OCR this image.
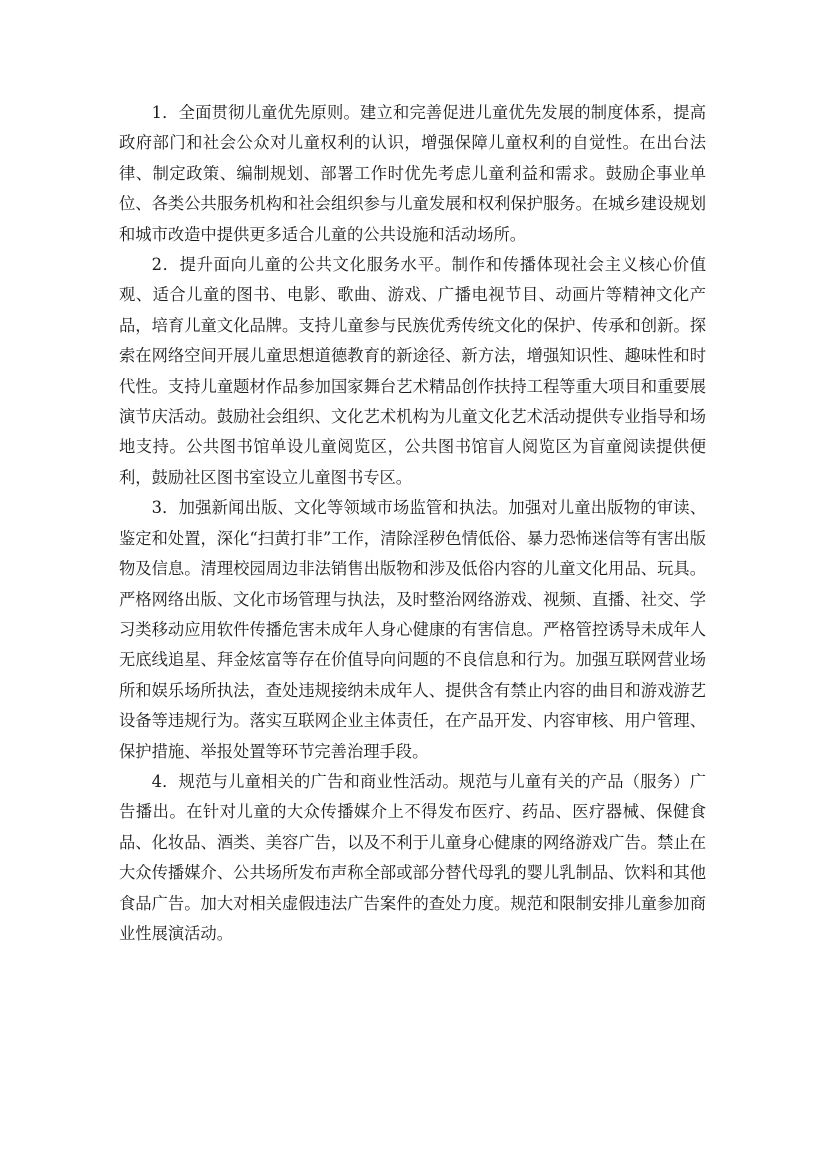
1．全面贯彻儿童优先原则。建立和完善促进儿童优先发展的制度体系，提高政府部门和社会公众对儿童权利的认识，增强保障儿童权利的自觉性。在出台法律、制定政策、编制规划、部署工作时优先考虑儿童利益和需求。鼓励企事业单位、各类公共服务机构和社会组织参与儿童发展和权利保护服务。在城乡建设规划和城市改造中提供更多适合儿童的公共设施和活动场所。

2．提升面向儿童的公共文化服务水平。制作和传播体现社会主义核心价值观、适合儿童的图书、电影、歌曲、游戏、广播电视节目、动画片等精神文化产品，培育儿童文化品牌。支持儿童参与民族优秀传统文化的保护、传承和创新。探索在网络空间开展儿童思想道德教育的新途径、新方法，增强知识性、趣味性和时代性。支持儿童题材作品参加国家舞台艺术精品创作扶持工程等重大项目和重要展演节庆活动。鼓励社会组织、文化艺术机构为儿童文化艺术活动提供专业指导和场地支持。公共图书馆单设儿童阅览区，公共图书馆盲人阅览区为盲童阅读提供便利，鼓励社区图书室设立儿童图书专区。

3．加强新闻出版、文化等领域市场监管和执法。加强对儿童出版物的审读、鉴定和处置，深化“扫黄打非”工作，清除淫秽色情低俗、暴力恐怖迷信等有害出版物及信息。清理校园周边非法销售出版物和涉及低俗内容的儿童文化用品、玩具。严格网络出版、文化市场管理与执法，及时整治网络游戏、视频、直播、社交、学习类移动应用软件传播危害未成年人身心健康的有害信息。严格管控诱导未成年人无底线追星、拜金炫富等存在价值导向问题的不良信息和行为。加强互联网营业场所和娱乐场所执法，查处违规接纳未成年人、提供含有禁止内容的曲目和游戏游艺设备等违规行为。落实互联网企业主体责任，在产品开发、内容审核、用户管理、保护措施、举报处置等环节完善治理手段。

4．规范与儿童相关的广告和商业性活动。规范与儿童有关的产品（服务）广告播出。在针对儿童的大众传播媒介上不得发布医疗、药品、医疗器械、保健食品、化妆品、酒类、美容广告，以及不利于儿童身心健康的网络游戏广告。禁止在大众传播媒介、公共场所发布声称全部或部分替代母乳的婴儿乳制品、饮料和其他食品广告。加大对相关虚假违法广告案件的查处力度。规范和限制安排儿童参加商业性展演活动。
